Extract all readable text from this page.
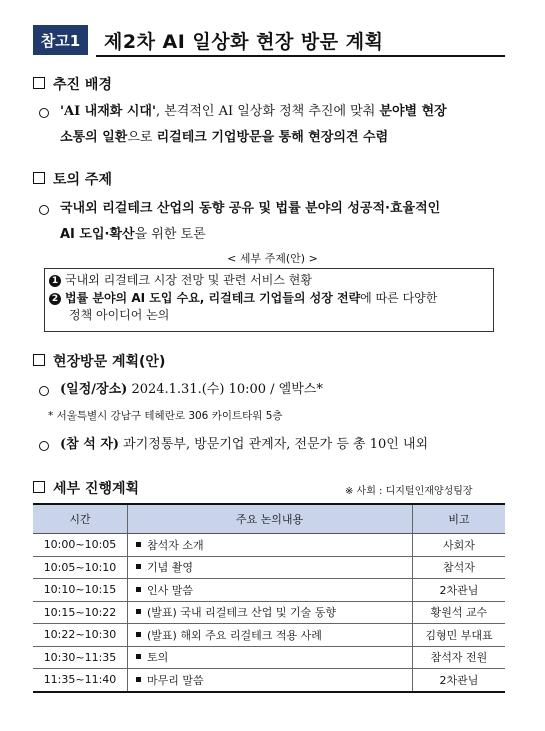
참고1	제2차 AI 일상화 현장 방문 계획
추진 배경
'AI 내재화 시대', 본격적인 AI 일상화 정책 추진에 맞춰 분야별 현장
소통의 일환으로 리걸테크 기업방문을 통해 현장의견 수렴
토의 주제
국내외 리걸테크 산업의 동향 공유 및 법률 분야의 성공적·효율적인
AI 도입·확산을 위한 토론
< 세부 주제(안) >
1 국내외 리걸테크 시장 전망 및 관련 서비스 현황
2 법률 분야의 AI 도입 수요, 리걸테크 기업들의 성장 전략에 따른 다양한
정책 아이디어 논의
현장방문 계획(안)
(일정/장소) 2024.1.31.(수) 10:00 / 엘박스*
* 서울특별시 강남구 테헤란로 306 카이트타워 5층
(참 석 자) 과기정통부, 방문기업 관계자, 전문가 등 총 10인 내외
세부 진행계획	※ 사회 : 디지털인재양성팀장
시간	주요 논의내용	비고
10:00~10:05	참석자 소개	사회자
10:05~10:10	기념 촬영	참석자
10:10~10:15	인사 말씀	2차관님
10:15~10:22	(발표) 국내 리걸테크 산업 및 기술 동향	황원석 교수
10:22~10:30	(발표) 해외 주요 리걸테크 적용 사례	김형민 부대표
10:30~11:35	토의	참석자 전원
11:35~11:40	마무리 말씀	2차관님
